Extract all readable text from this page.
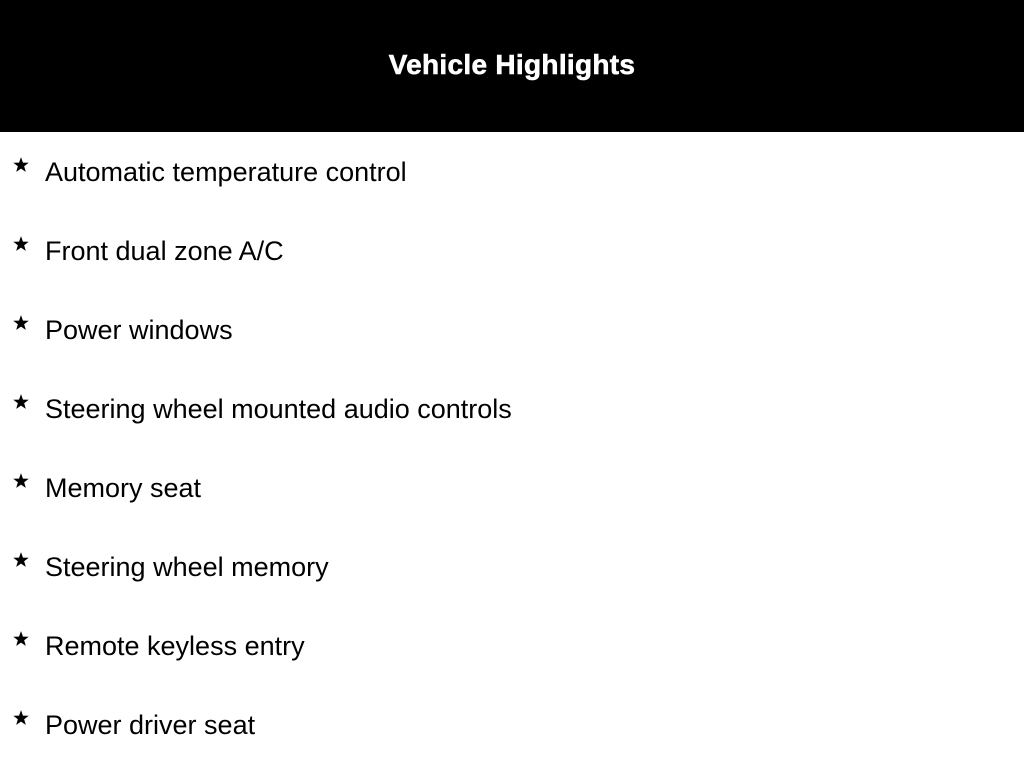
Vehicle Highlights
Automatic temperature control
Front dual zone A/C
Power windows
Steering wheel mounted audio controls
Memory seat
Steering wheel memory
Remote keyless entry
Power driver seat
